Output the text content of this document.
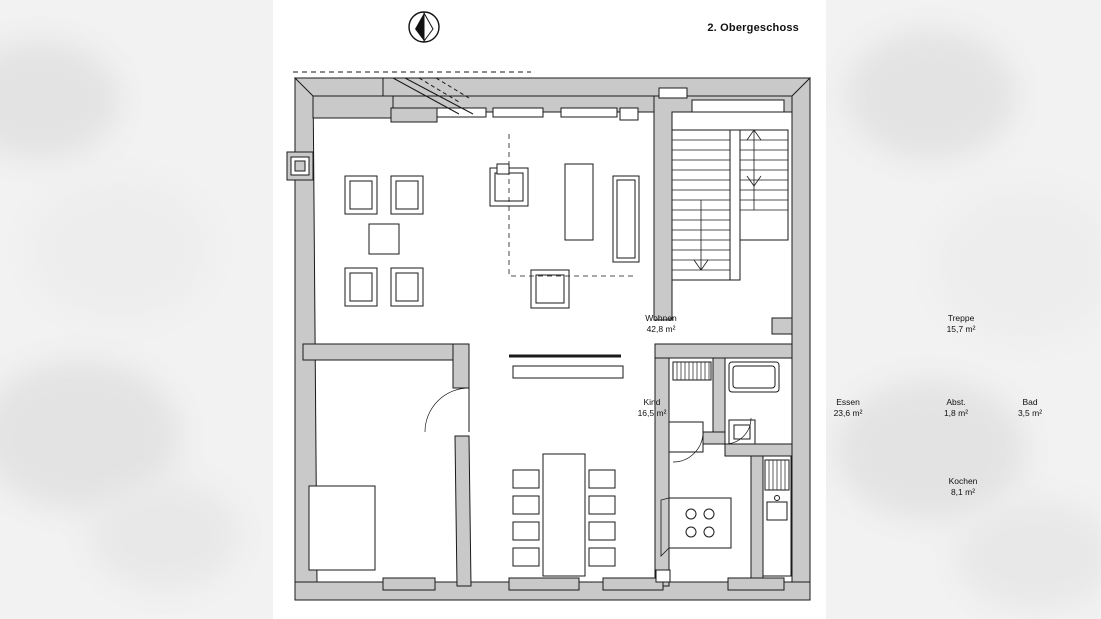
2. Obergeschoss
Wohnen
42,8 m²
Treppe
15,7 m²
Kind
16,5 m²
Essen
23,6 m²
Abst.
1,8 m²
Bad
3,5 m²
Kochen
8,1 m²
